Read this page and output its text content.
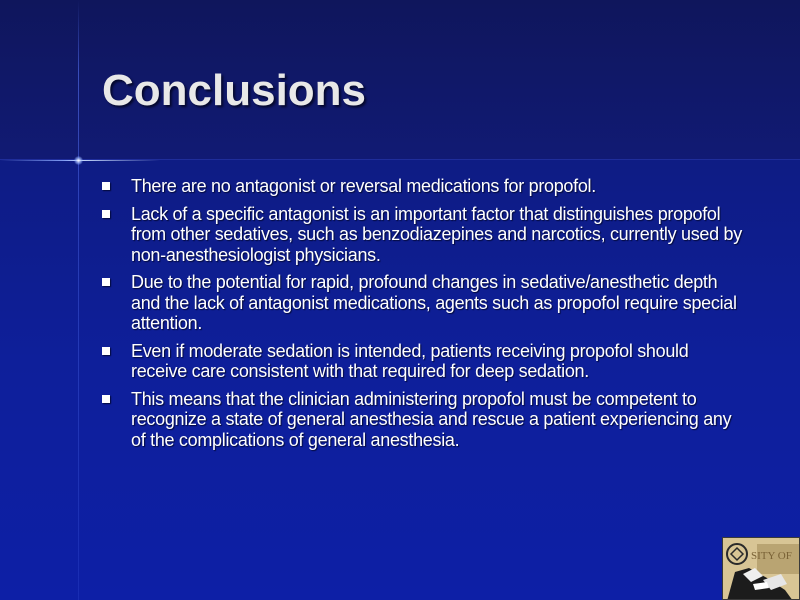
Conclusions
There are no antagonist or reversal medications for propofol.
Lack of a specific antagonist is an important factor that distinguishes propofol from other sedatives, such as benzodiazepines and narcotics, currently used by non-anesthesiologist physicians.
Due to the potential for rapid, profound changes in sedative/anesthetic depth and the lack of antagonist medications, agents such as propofol require special attention.
Even if moderate sedation is intended, patients receiving propofol should receive care consistent with that required for deep sedation.
This means that the clinician administering propofol must be competent to recognize a state of general anesthesia and rescue a patient experiencing any of the complications of general anesthesia.
SITY OF
